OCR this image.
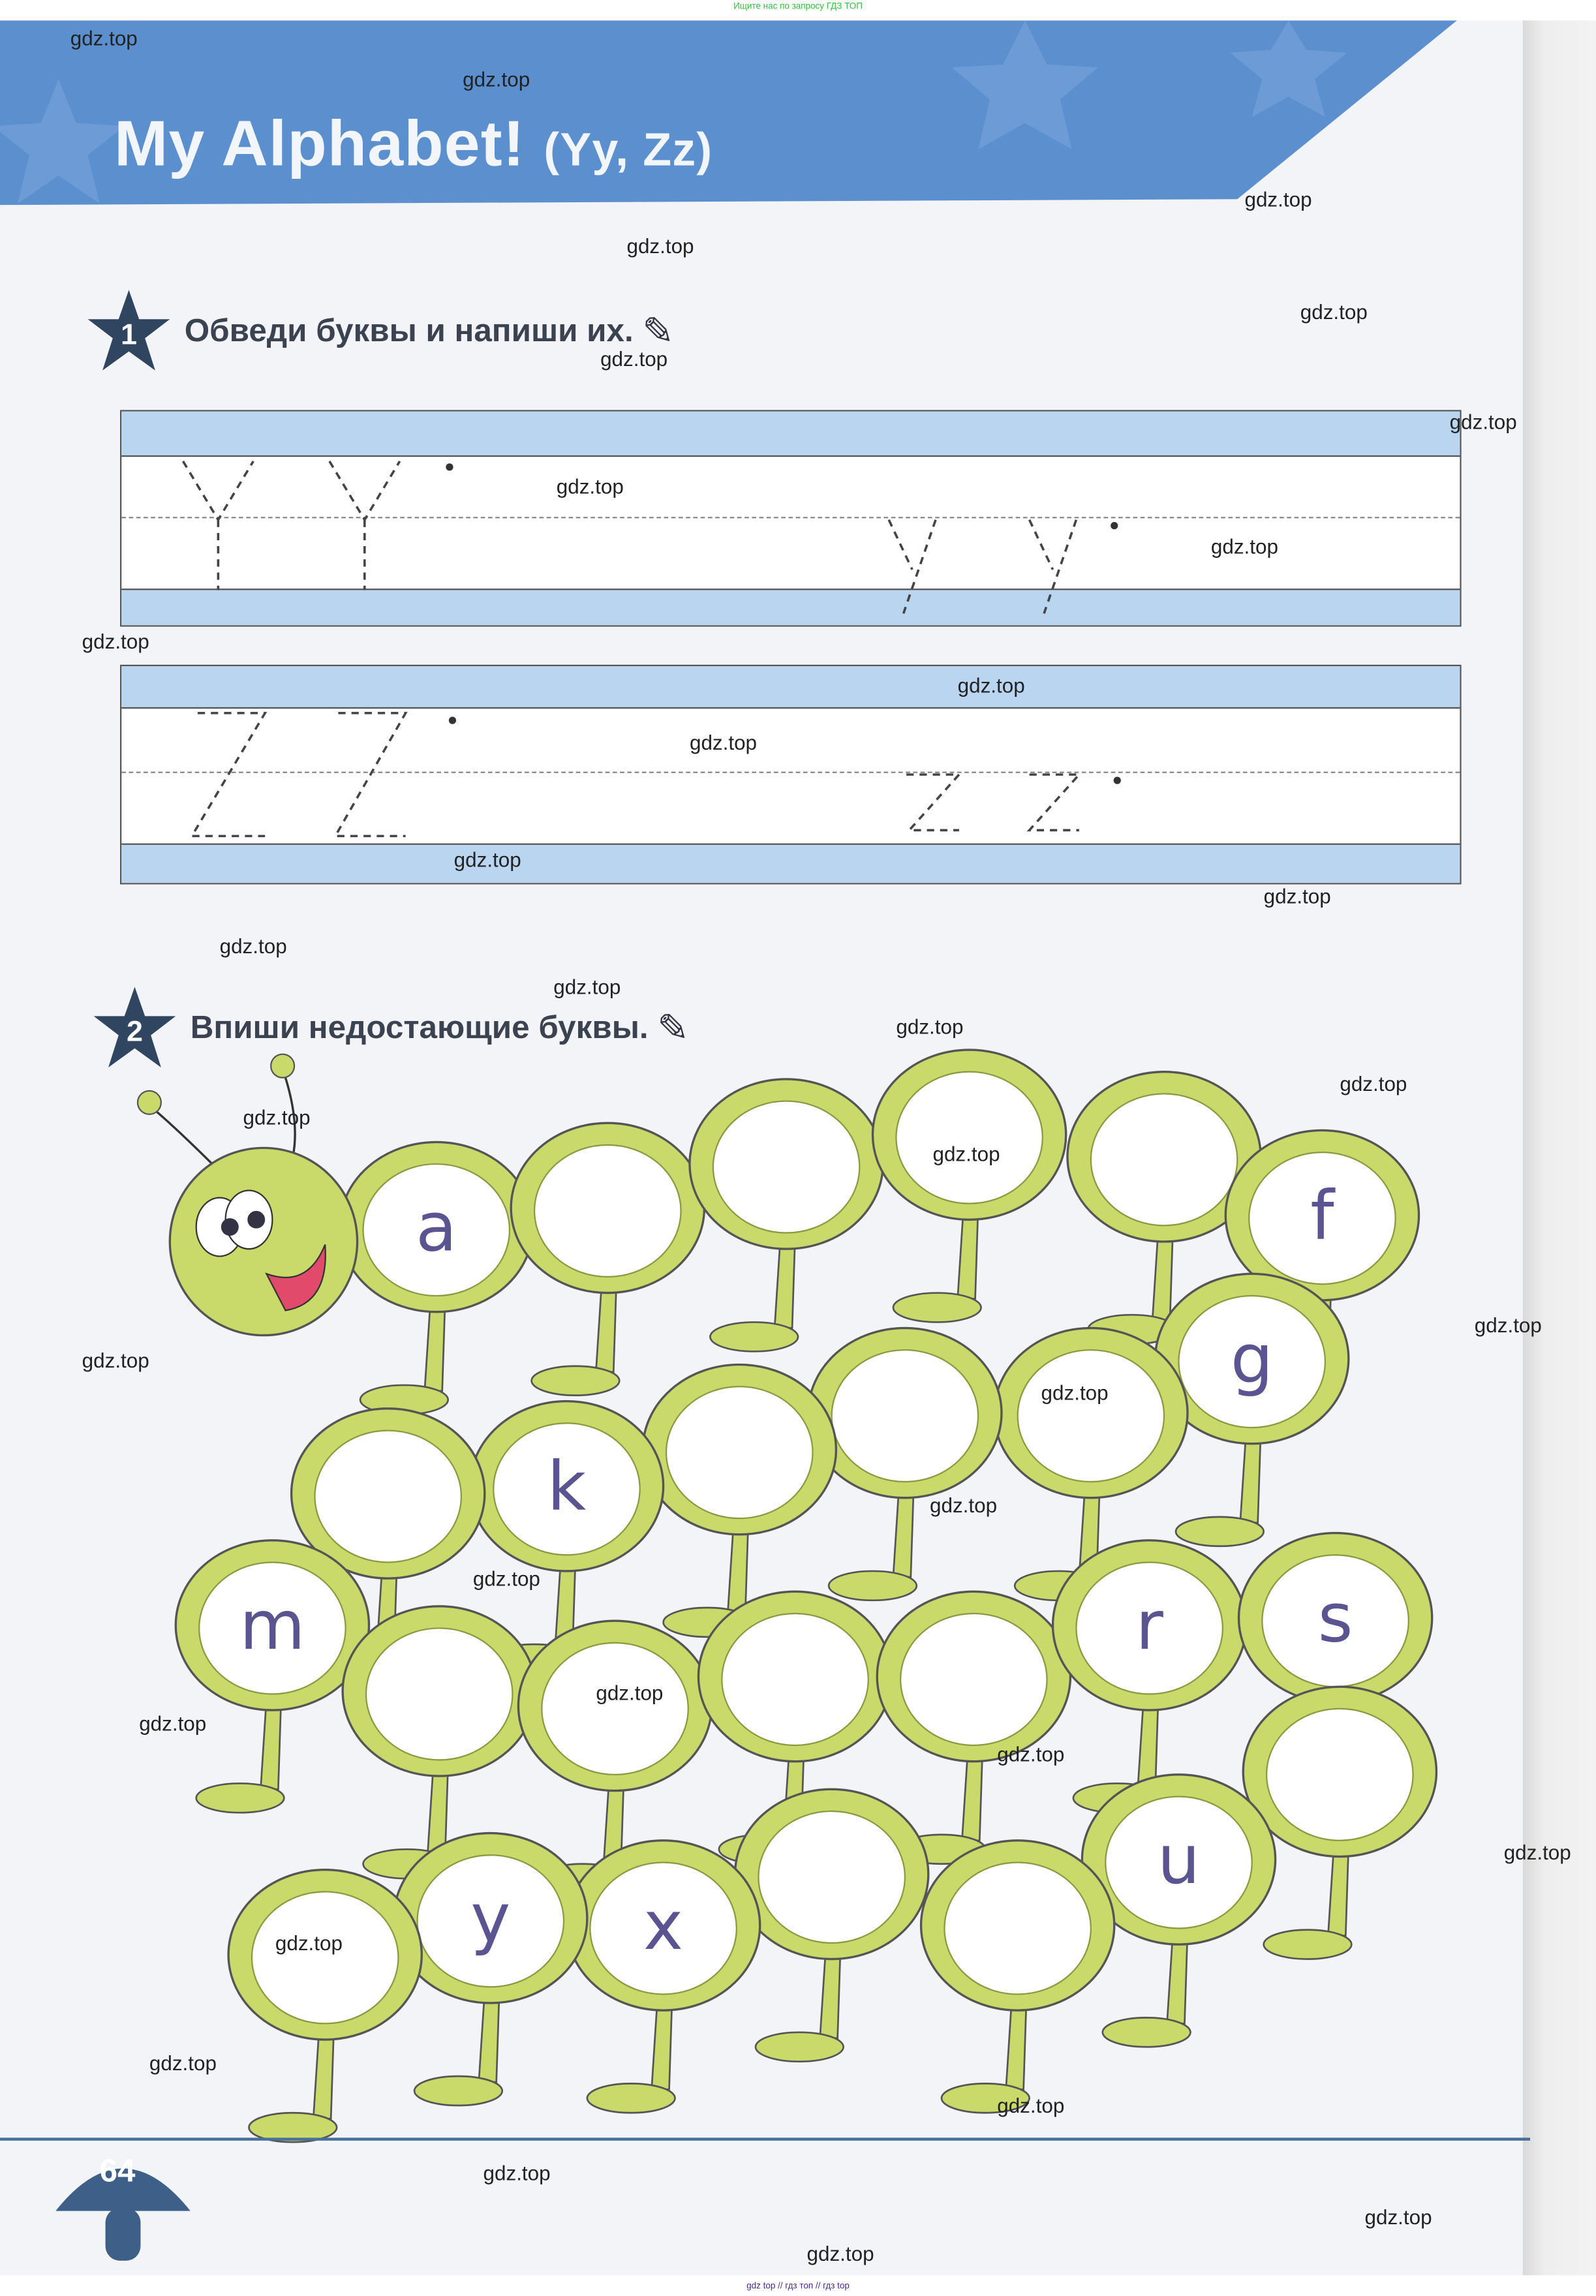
Ищите нас по запросу ГДЗ ТОП
My Alphabet! (Yy, Zz)
1	Обведи буквы и напиши их. ✎
2	Впиши недостающие буквы. ✎
a	f
g
k
m	r	s
u
x
y
64
gdz.top
gdz.top
gdz.top
gdz.top
gdz.top
gdz.top
gdz.top
gdz.top
gdz.top
gdz.top
gdz.top
gdz.top
gdz.top
gdz.top
gdz.top
gdz.top
gdz.top
gdz.top
gdz.top
gdz.top
gdz.top
gdz.top
gdz.top
gdz.top
gdz.top
gdz.top
gdz.top
gdz.top
gdz.top
gdz.top
gdz.top
gdz.top
gdz.top
gdz.top
gdz.top
gdz top // гдз топ // гдз top
